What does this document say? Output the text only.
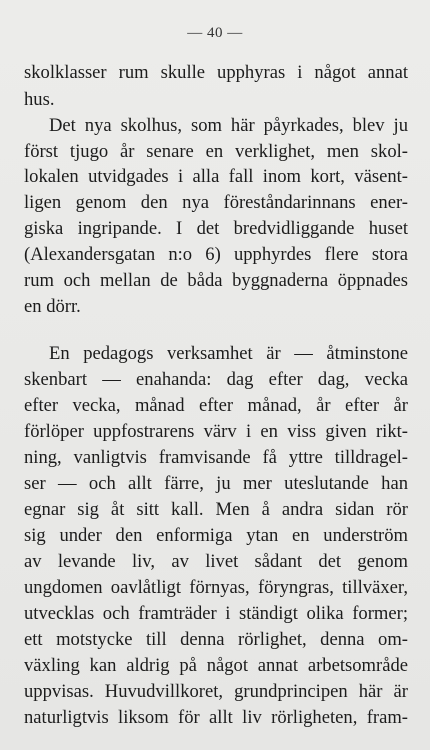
— 40 —
skolklasser rum skulle upphyras i något annat
hus.
Det nya skolhus, som här påyrkades, blev ju
först tjugo år senare en verklighet, men skol-
lokalen utvidgades i alla fall inom kort, väsent-
ligen genom den nya föreståndarinnans ener-
giska ingripande. I det bredvidliggande huset
(Alexandersgatan n:o 6) upphyrdes flere stora
rum och mellan de båda byggnaderna öppnades
en dörr.
En pedagogs verksamhet är — åtminstone
skenbart — enahanda: dag efter dag, vecka
efter vecka, månad efter månad, år efter år
förlöper uppfostrarens värv i en viss given rikt-
ning, vanligtvis framvisande få yttre tilldragel-
ser — och allt färre, ju mer uteslutande han
egnar sig åt sitt kall. Men å andra sidan rör
sig under den enformiga ytan en underström
av levande liv, av livet sådant det genom
ungdomen oavlåtligt förnyas, föryngras, tillväxer,
utvecklas och framträder i ständigt olika former;
ett motstycke till denna rörlighet, denna om-
växling kan aldrig på något annat arbetsområde
uppvisas. Huvudvillkoret, grundprincipen här är
naturligtvis liksom för allt liv rörligheten, fram-
